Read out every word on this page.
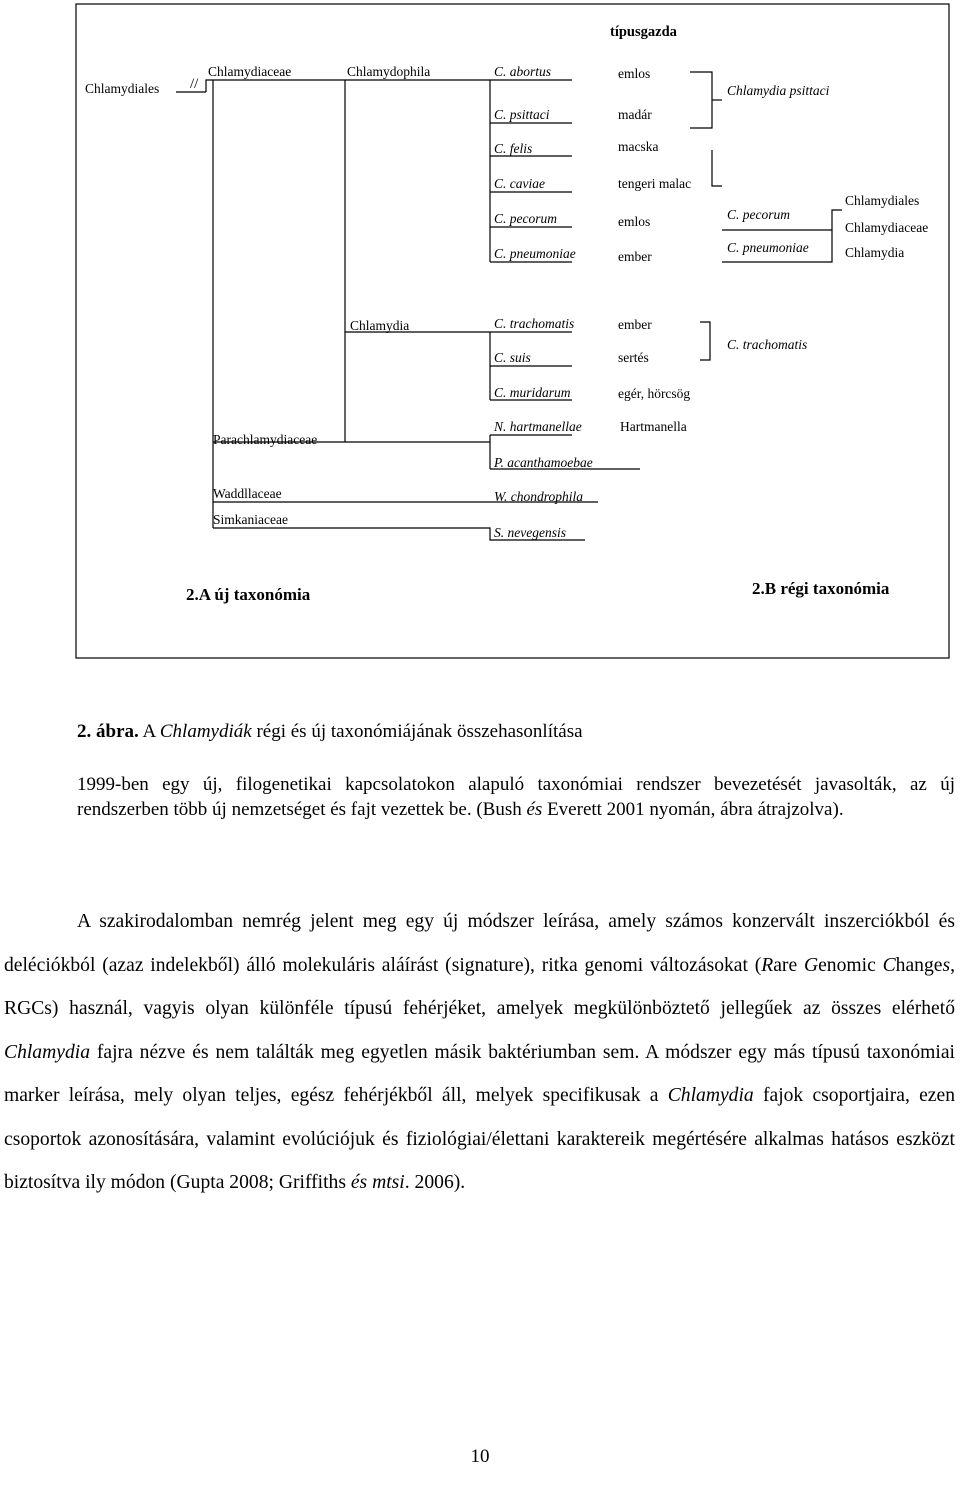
típusgazda
Chlamydiales //
Chlamydiaceae	Chlamydophila
Chlamydia
Parachlamydiaceae
Waddllaceae
Simkaniaceae
C. abortus	emlos
C. psittaci	madár
C. felis	macska
C. caviae	tengeri malac
C. pecorum	emlos
C. pneumoniae	ember
C. trachomatis	ember
C. suis	sertés
C. muridarum	egér, hörcsög
N. hartmanellae	Hartmanella
P. acanthamoebae
W. chondrophila
S. nevegensis
Chlamydia psittaci
C. pecorum
C. pneumoniae
C. trachomatis
Chlamydiales
Chlamydiaceae
Chlamydia
2.A új taxonómia	2.B régi taxonómia
2. ábra. A Chlamydiák régi és új taxonómiájának összehasonlítása
1999-ben egy új, filogenetikai kapcsolatokon alapuló taxonómiai rendszer bevezetését javasolták, az új rendszerben több új nemzetséget és fajt vezettek be. (Bush és Everett 2001 nyomán, ábra átrajzolva).
A szakirodalomban nemrég jelent meg egy új módszer leírása, amely számos konzervált inszerciókból és deléciókból (azaz indelekből) álló molekuláris aláírást (signature), ritka genomi változásokat (Rare Genomic Changes, RGCs) használ, vagyis olyan különféle típusú fehérjéket, amelyek megkülönböztető jellegűek az összes elérhető Chlamydia fajra nézve és nem találták meg egyetlen másik baktériumban sem. A módszer egy más típusú taxonómiai marker leírása, mely olyan teljes, egész fehérjékből áll, melyek specifikusak a Chlamydia fajok csoportjaira, ezen csoportok azonosítására, valamint evolúciójuk és fiziológiai/élettani karaktereik megértésére alkalmas hatásos eszközt biztosítva ily módon (Gupta 2008; Griffiths és mtsi. 2006).
10
